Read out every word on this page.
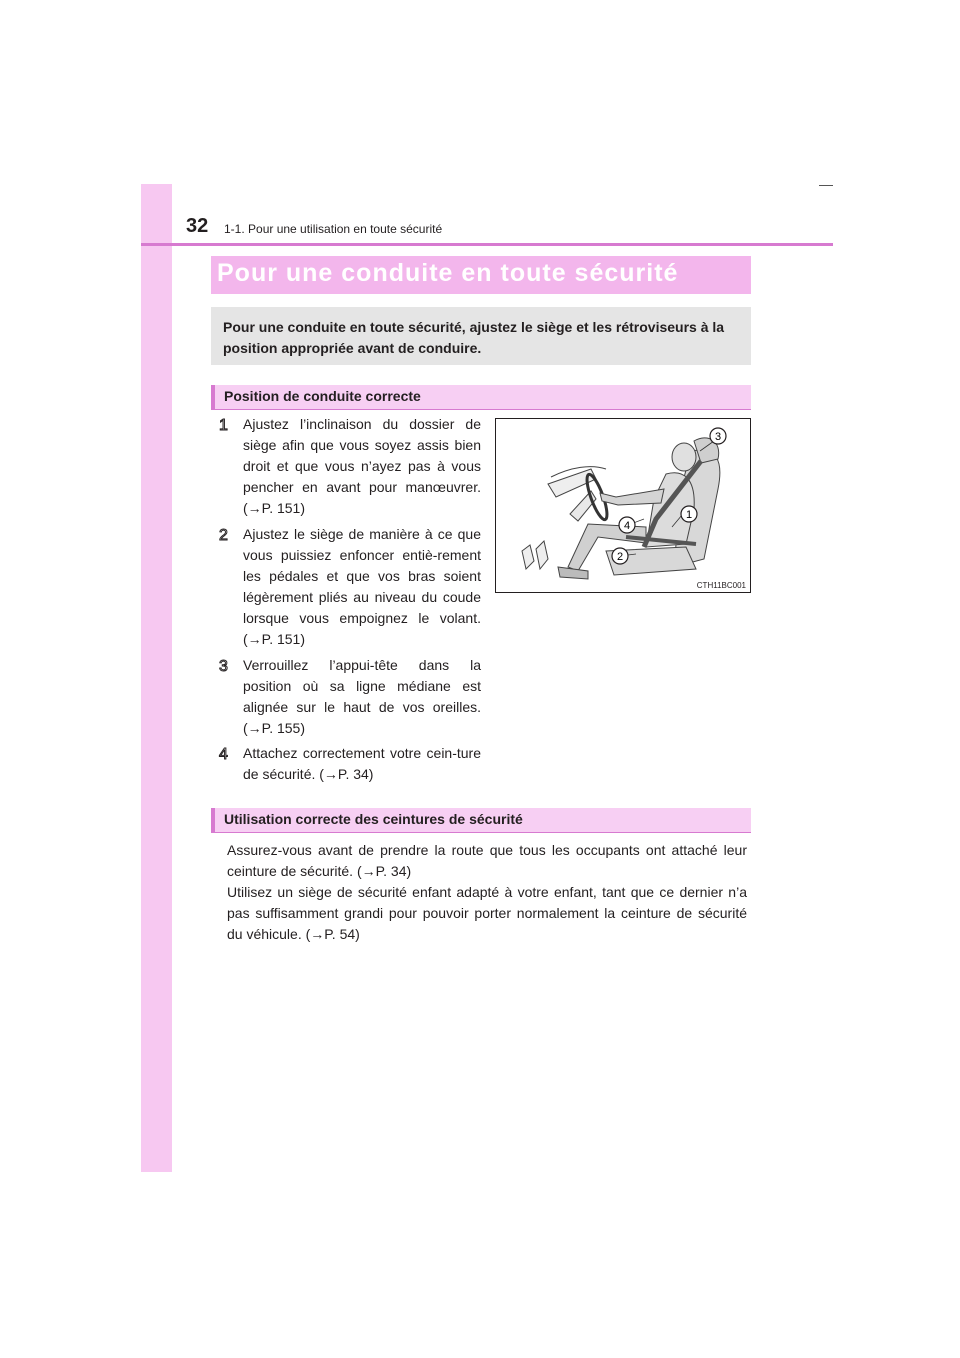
32 1-1. Pour une utilisation en toute sécurité
Pour une conduite en toute sécurité

Pour une conduite en toute sécurité, ajustez le siège et les rétroviseurs à la position appropriée avant de conduire.

Position de conduite correcte
1 Ajustez l’inclinaison du dossier de siège afin que vous soyez assis bien droit et que vous n’ayez pas à vous pencher en avant pour manœuvrer. (→P. 151)
2 Ajustez le siège de manière à ce que vous puissiez enfoncer entiè-rement les pédales et que vos bras soient légèrement pliés au niveau du coude lorsque vous empoignez le volant. (→P. 151)
3 Verrouillez l’appui-tête dans la position où sa ligne médiane est alignée sur le haut de vos oreilles. (→P. 155)
4 Attachez correctement votre cein-ture de sécurité. (→P. 34)
1
2
3
4
CTH11BC001
Utilisation correcte des ceintures de sécurité

Assurez-vous avant de prendre la route que tous les occupants ont attaché leur ceinture de sécurité. (→P. 34)

Utilisez un siège de sécurité enfant adapté à votre enfant, tant que ce dernier n’a pas suffisamment grandi pour pouvoir porter normalement la ceinture de sécurité du véhicule. (→P. 54)
